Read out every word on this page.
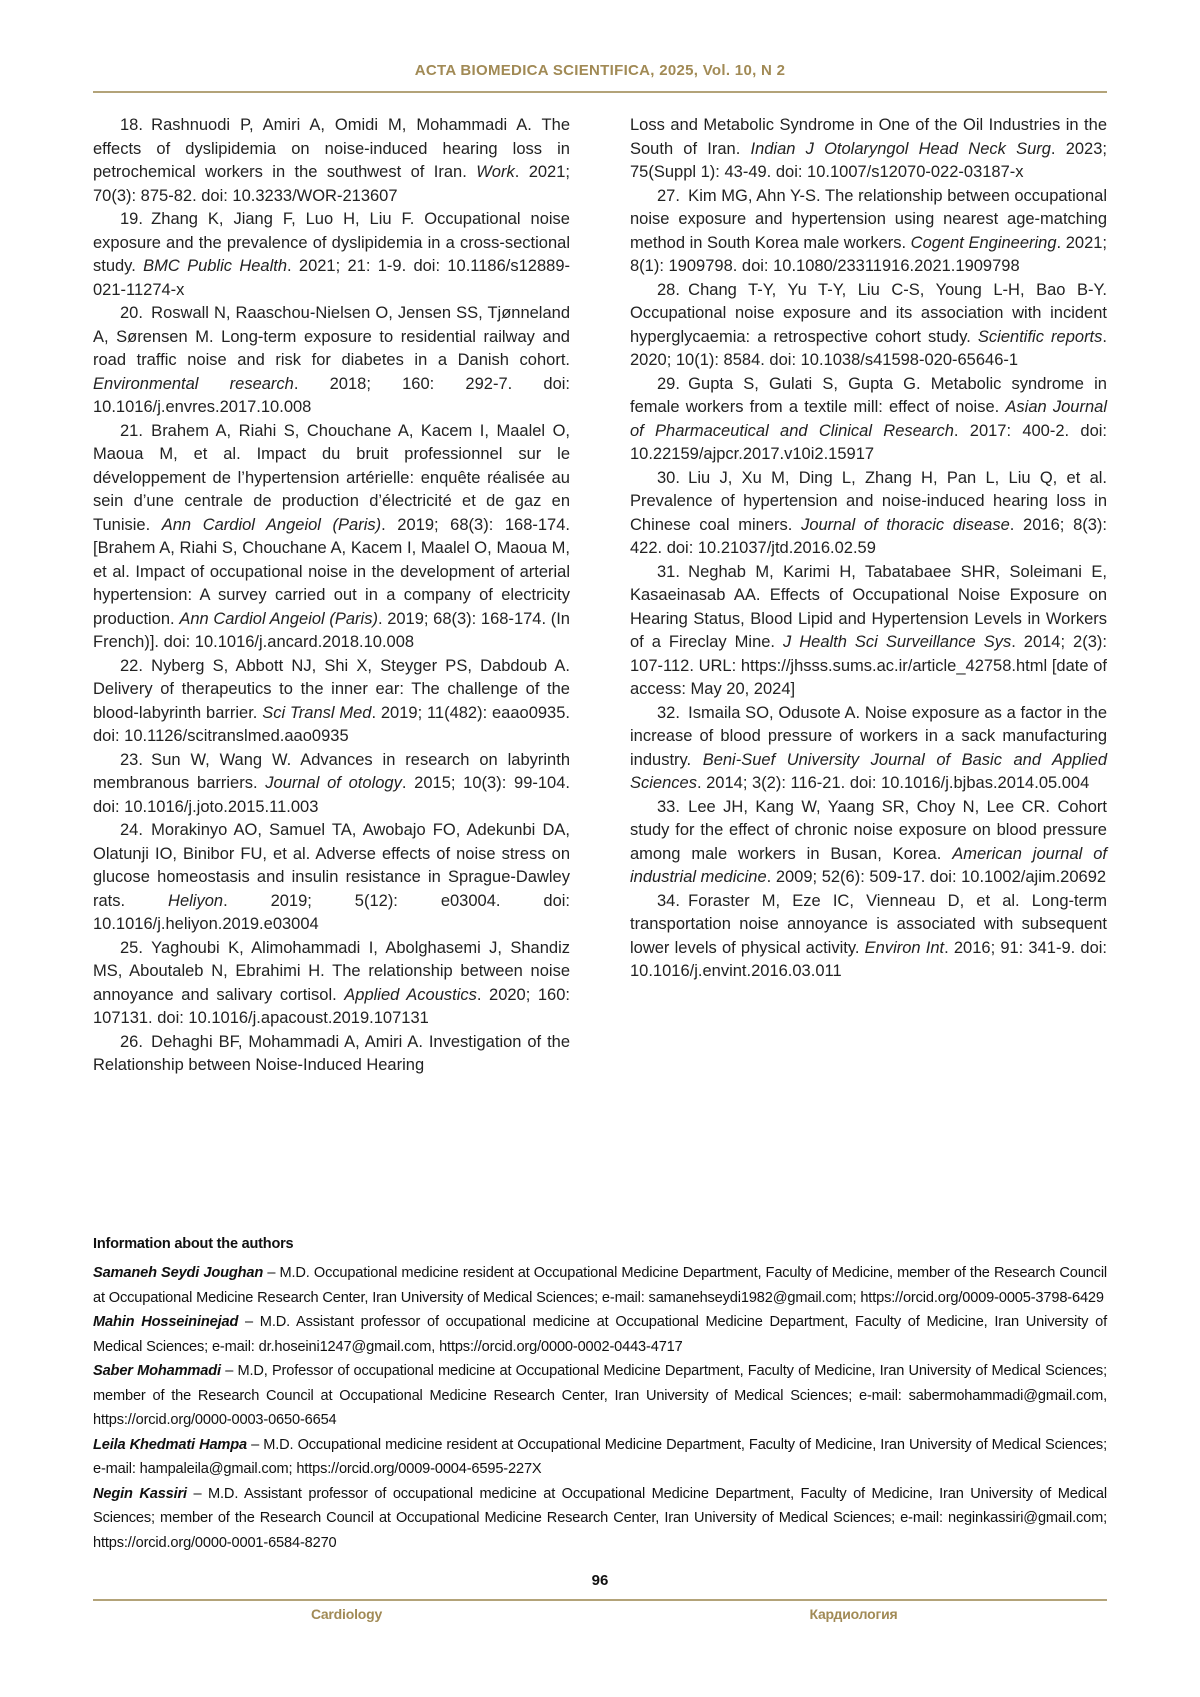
ACTA BIOMEDICA SCIENTIFICA, 2025, Vol. 10, N 2

18. Rashnuodi P, Amiri A, Omidi M, Mohammadi A. The effects of dyslipidemia on noise-induced hearing loss in petrochemical workers in the southwest of Iran. Work. 2021; 70(3): 875-82. doi: 10.3233/WOR-213607

19. Zhang K, Jiang F, Luo H, Liu F. Occupational noise exposure and the prevalence of dyslipidemia in a cross-sectional study. BMC Public Health. 2021; 21: 1-9. doi: 10.1186/s12889-021-11274-x

20. Roswall N, Raaschou-Nielsen O, Jensen SS, Tjønneland A, Sørensen M. Long-term exposure to residential railway and road traffic noise and risk for diabetes in a Danish cohort. Environmental research. 2018; 160: 292-7. doi: 10.1016/j.envres.2017.10.008

21. Brahem A, Riahi S, Chouchane A, Kacem I, Maalel O, Maoua M, et al. Impact du bruit professionnel sur le développement de l’hypertension artérielle: enquête réalisée au sein d’une centrale de production d’électricité et de gaz en Tunisie. Ann Cardiol Angeiol (Paris). 2019; 68(3): 168-174. [Brahem A, Riahi S, Chouchane A, Kacem I, Maalel O, Maoua M, et al. Impact of occupational noise in the development of arterial hypertension: A survey carried out in a company of electricity production. Ann Cardiol Angeiol (Paris). 2019; 68(3): 168-174. (In French)]. doi: 10.1016/j.ancard.2018.10.008

22. Nyberg S, Abbott NJ, Shi X, Steyger PS, Dabdoub A. Delivery of therapeutics to the inner ear: The challenge of the blood-labyrinth barrier. Sci Transl Med. 2019; 11(482): eaao0935. doi: 10.1126/scitranslmed.aao0935

23. Sun W, Wang W. Advances in research on labyrinth membranous barriers. Journal of otology. 2015; 10(3): 99-104. doi: 10.1016/j.joto.2015.11.003

24. Morakinyo AO, Samuel TA, Awobajo FO, Adekunbi DA, Olatunji IO, Binibor FU, et al. Adverse effects of noise stress on glucose homeostasis and insulin resistance in Sprague-Dawley rats. Heliyon. 2019; 5(12): e03004. doi: 10.1016/j.heliyon.2019.e03004

25. Yaghoubi K, Alimohammadi I, Abolghasemi J, Shandiz MS, Aboutaleb N, Ebrahimi H. The relationship between noise annoyance and salivary cortisol. Applied Acoustics. 2020; 160: 107131. doi: 10.1016/j.apacoust.2019.107131

26. Dehaghi BF, Mohammadi A, Amiri A. Investigation of the Relationship between Noise-Induced Hearing

Loss and Metabolic Syndrome in One of the Oil Industries in the South of Iran. Indian J Otolaryngol Head Neck Surg. 2023; 75(Suppl 1): 43-49. doi: 10.1007/s12070-022-03187-x

27. Kim MG, Ahn Y-S. The relationship between occupational noise exposure and hypertension using nearest age-matching method in South Korea male workers. Cogent Engineering. 2021; 8(1): 1909798. doi: 10.1080/23311916.2021.1909798

28. Chang T-Y, Yu T-Y, Liu C-S, Young L-H, Bao B-Y. Occupational noise exposure and its association with incident hyperglycaemia: a retrospective cohort study. Scientific reports. 2020; 10(1): 8584. doi: 10.1038/s41598-020-65646-1

29. Gupta S, Gulati S, Gupta G. Metabolic syndrome in female workers from a textile mill: effect of noise. Asian Journal of Pharmaceutical and Clinical Research. 2017: 400-2. doi: 10.22159/ajpcr.2017.v10i2.15917

30. Liu J, Xu M, Ding L, Zhang H, Pan L, Liu Q, et al. Prevalence of hypertension and noise-induced hearing loss in Chinese coal miners. Journal of thoracic disease. 2016; 8(3): 422. doi: 10.21037/jtd.2016.02.59

31. Neghab M, Karimi H, Tabatabaee SHR, Soleimani E, Kasaeinasab AA. Effects of Occupational Noise Exposure on Hearing Status, Blood Lipid and Hypertension Levels in Workers of a Fireclay Mine. J Health Sci Surveillance Sys. 2014; 2(3): 107-112. URL: https://jhsss.sums.ac.ir/article_42758.html [date of access: May 20, 2024]

32. Ismaila SO, Odusote A. Noise exposure as a factor in the increase of blood pressure of workers in a sack manufacturing industry. Beni-Suef University Journal of Basic and Applied Sciences. 2014; 3(2): 116-21. doi: 10.1016/j.bjbas.2014.05.004

33. Lee JH, Kang W, Yaang SR, Choy N, Lee CR. Cohort study for the effect of chronic noise exposure on blood pressure among male workers in Busan, Korea. American journal of industrial medicine. 2009; 52(6): 509-17. doi: 10.1002/ajim.20692

34. Foraster M, Eze IC, Vienneau D, et al. Long-term transportation noise annoyance is associated with subsequent lower levels of physical activity. Environ Int. 2016; 91: 341-9. doi: 10.1016/j.envint.2016.03.011

Information about the authors

Samaneh Seydi Joughan – M.D. Occupational medicine resident at Occupational Medicine Department, Faculty of Medicine, member of the Research Council at Occupational Medicine Research Center, Iran University of Medical Sciences; e-mail: samanehseydi1982@gmail.com; https://orcid.org/0009-0005-3798-6429

Mahin Hosseininejad – M.D. Assistant professor of occupational medicine at Occupational Medicine Department, Faculty of Medicine, Iran University of Medical Sciences; e-mail: dr.hoseini1247@gmail.com, https://orcid.org/0000-0002-0443-4717

Saber Mohammadi – M.D, Professor of occupational medicine at Occupational Medicine Department, Faculty of Medicine, Iran University of Medical Sciences; member of the Research Council at Occupational Medicine Research Center, Iran University of Medical Sciences; e-mail: sabermohammadi@gmail.com, https://orcid.org/0000-0003-0650-6654

Leila Khedmati Hampa – M.D. Occupational medicine resident at Occupational Medicine Department, Faculty of Medicine, Iran University of Medical Sciences; e-mail: hampaleila@gmail.com; https://orcid.org/0009-0004-6595-227X

Negin Kassiri – M.D. Assistant professor of occupational medicine at Occupational Medicine Department, Faculty of Medicine, Iran University of Medical Sciences; member of the Research Council at Occupational Medicine Research Center, Iran University of Medical Sciences; e-mail: neginkassiri@gmail.com; https://orcid.org/0000-0001-6584-8270

96
Cardiology	Кардиология
